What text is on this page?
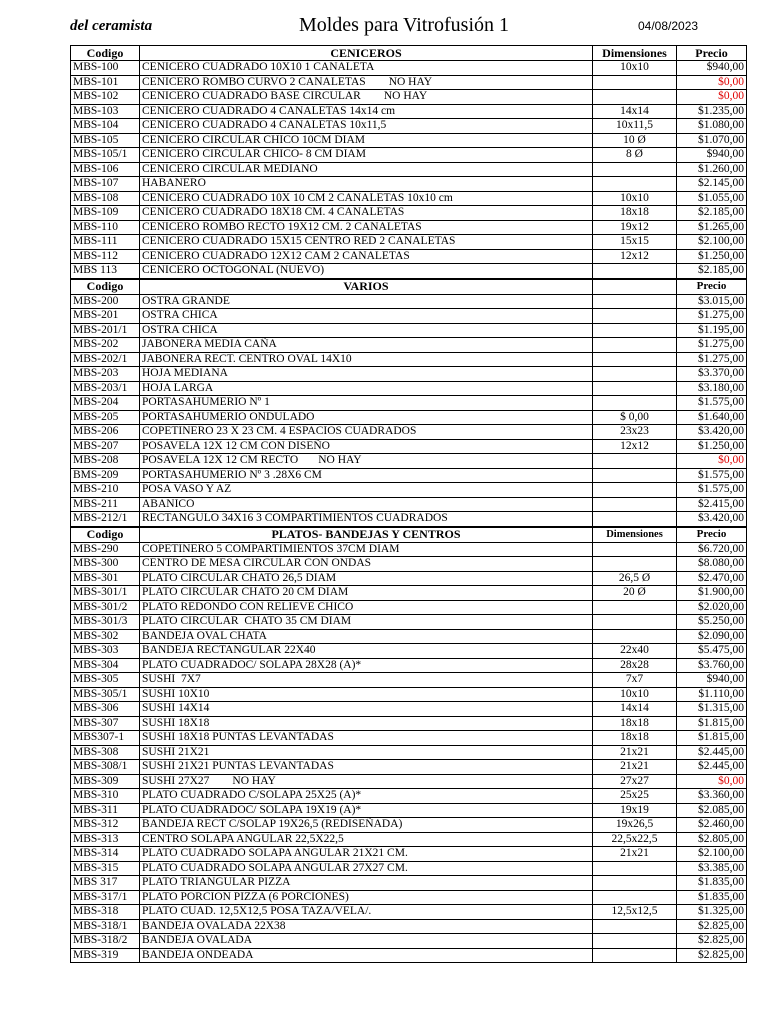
del ceramista	Moldes para Vitrofusión 1	04/08/2023
Codigo	CENICEROS	Dimensiones	Precio
MBS-100	CENICERO CUADRADO 10X10 1 CANALETA	10x10	$940,00
MBS-101	CENICERO ROMBO CURVO 2 CANALETAS        NO HAY		$0,00
MBS-102	CENICERO CUADRADO BASE CIRCULAR        NO HAY		$0,00
MBS-103	CENICERO CUADRADO 4 CANALETAS 14x14 cm	14x14	$1.235,00
MBS-104	CENICERO CUADRADO 4 CANALETAS 10x11,5	10x11,5	$1.080,00
MBS-105	CENICERO CIRCULAR CHICO 10CM DIAM	10 Ø	$1.070,00
MBS-105/1	CENICERO CIRCULAR CHICO- 8 CM DIAM	8 Ø	$940,00
MBS-106	CENICERO CIRCULAR MEDIANO		$1.260,00
MBS-107	HABANERO		$2.145,00
MBS-108	CENICERO CUADRADO 10X 10 CM 2 CANALETAS 10x10 cm	10x10	$1.055,00
MBS-109	CENICERO CUADRADO 18X18 CM. 4 CANALETAS	18x18	$2.185,00
MBS-110	CENICERO ROMBO RECTO 19X12 CM. 2 CANALETAS	19x12	$1.265,00
MBS-111	CENICERO CUADRADO 15X15 CENTRO RED 2 CANALETAS	15x15	$2.100,00
MBS-112	CENICERO CUADRADO 12X12 CAM 2 CANALETAS	12x12	$1.250,00
MBS 113	CENICERO OCTOGONAL (NUEVO)		$2.185,00
Codigo	VARIOS		Precio
MBS-200	OSTRA GRANDE		$3.015,00
MBS-201	OSTRA CHICA		$1.275,00
MBS-201/1	OSTRA CHICA		$1.195,00
MBS-202	JABONERA MEDIA CAÑA		$1.275,00
MBS-202/1	JABONERA RECT. CENTRO OVAL 14X10		$1.275,00
MBS-203	HOJA MEDIANA		$3.370,00
MBS-203/1	HOJA LARGA		$3.180,00
MBS-204	PORTASAHUMERIO Nº 1		$1.575,00
MBS-205	PORTASAHUMERIO ONDULADO	$ 0,00	$1.640,00
MBS-206	COPETINERO 23 X 23 CM. 4 ESPACIOS CUADRADOS	23x23	$3.420,00
MBS-207	POSAVELA 12X 12 CM CON DISEÑO	12x12	$1.250,00
MBS-208	POSAVELA 12X 12 CM RECTO       NO HAY		$0,00
BMS-209	PORTASAHUMERIO Nº 3 .28X6 CM		$1.575,00
MBS-210	POSA VASO Y AZ		$1.575,00
MBS-211	ABANICO		$2.415,00
MBS-212/1	RECTANGULO 34X16 3 COMPARTIMIENTOS CUADRADOS		$3.420,00
Codigo	PLATOS- BANDEJAS Y CENTROS	Dimensiones	Precio
MBS-290	COPETINERO 5 COMPARTIMIENTOS 37CM DIAM		$6.720,00
MBS-300	CENTRO DE MESA CIRCULAR CON ONDAS		$8.080,00
MBS-301	PLATO CIRCULAR CHATO 26,5 DIAM	26,5 Ø	$2.470,00
MBS-301/1	PLATO CIRCULAR CHATO 20 CM DIAM	20 Ø	$1.900,00
MBS-301/2	PLATO REDONDO CON RELIEVE CHICO		$2.020,00
MBS-301/3	PLATO CIRCULAR  CHATO 35 CM DIAM		$5.250,00
MBS-302	BANDEJA OVAL CHATA		$2.090,00
MBS-303	BANDEJA RECTANGULAR 22X40	22x40	$5.475,00
MBS-304	PLATO CUADRADOC/ SOLAPA 28X28 (A)*	28x28	$3.760,00
MBS-305	SUSHI  7X7	7x7	$940,00
MBS-305/1	SUSHI 10X10	10x10	$1.110,00
MBS-306	SUSHI 14X14	14x14	$1.315,00
MBS-307	SUSHI 18X18	18x18	$1.815,00
MBS307-1	SUSHI 18X18 PUNTAS LEVANTADAS	18x18	$1.815,00
MBS-308	SUSHI 21X21	21x21	$2.445,00
MBS-308/1	SUSHI 21X21 PUNTAS LEVANTADAS	21x21	$2.445,00
MBS-309	SUSHI 27X27        NO HAY	27x27	$0,00
MBS-310	PLATO CUADRADO C/SOLAPA 25X25 (A)*	25x25	$3.360,00
MBS-311	PLATO CUADRADOC/ SOLAPA 19X19 (A)*	19x19	$2.085,00
MBS-312	BANDEJA RECT C/SOLAP 19X26,5 (REDISEÑADA)	19x26,5	$2.460,00
MBS-313	CENTRO SOLAPA ANGULAR 22,5X22,5	22,5x22,5	$2.805,00
MBS-314	PLATO CUADRADO SOLAPA ANGULAR 21X21 CM.	21x21	$2.100,00
MBS-315	PLATO CUADRADO SOLAPA ANGULAR 27X27 CM.		$3.385,00
MBS 317	PLATO TRIANGULAR PIZZA		$1.835,00
MBS-317/1	PLATO PORCION PIZZA (6 PORCIONES)		$1.835,00
MBS-318	PLATO CUAD. 12,5X12,5 POSA TAZA/VELA/.	12,5x12,5	$1.325,00
MBS-318/1	BANDEJA OVALADA 22X38		$2.825,00
MBS-318/2	BANDEJA OVALADA		$2.825,00
MBS-319	BANDEJA ONDEADA		$2.825,00
